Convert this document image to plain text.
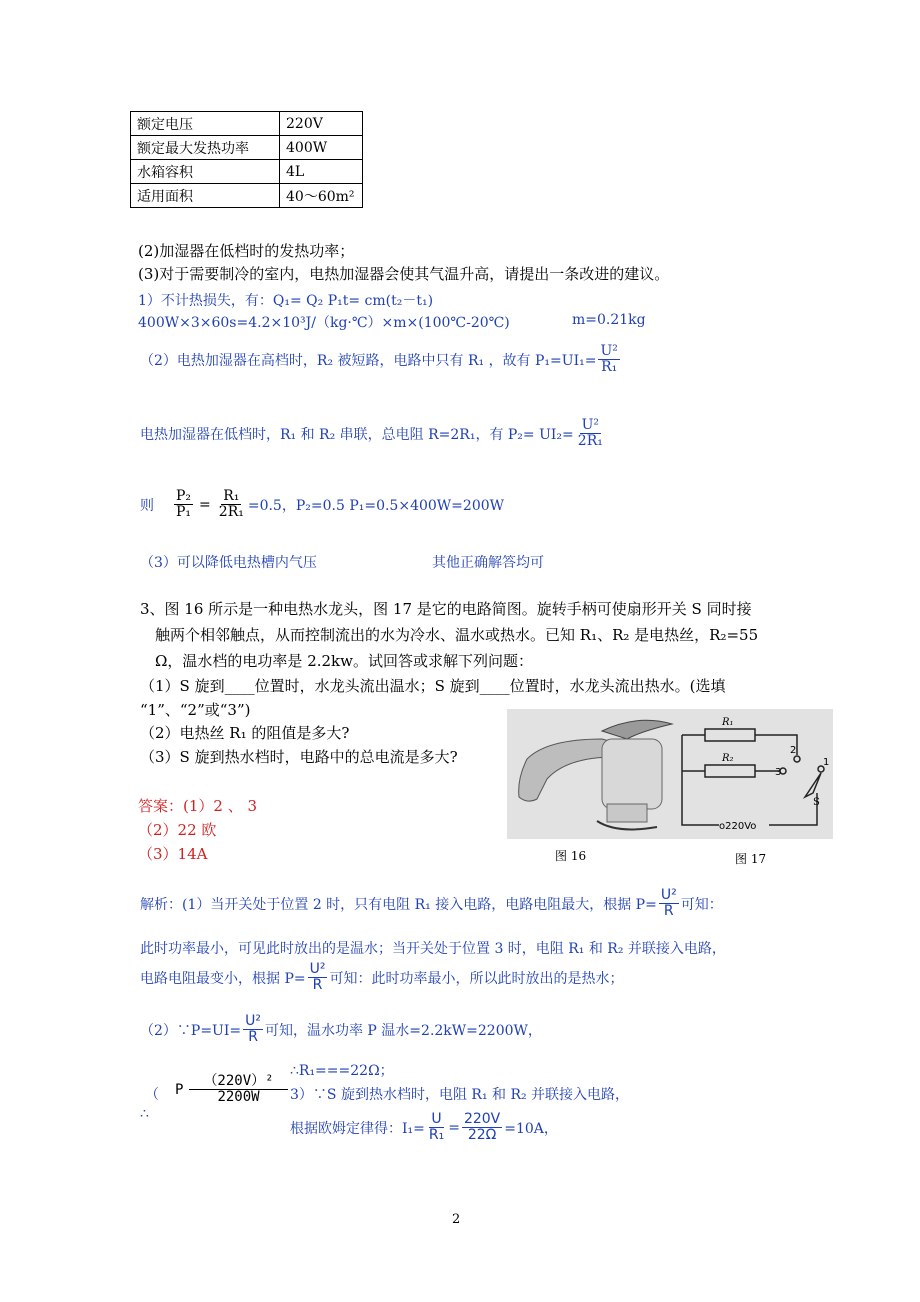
额定电压	220V
额定最大发热功率	400W
水箱容积	4L
适用面积	40～60m²
(2)加湿器在低档时的发热功率；
(3)对于需要制冷的室内，电热加湿器会使其气温升高，请提出一条改进的建议。
1）不计热损失，有：Q₁= Q₂ P₁t= cm(t₂－t₁)
400W×3×60s=4.2×10³J/（kg·℃）×m×(100℃-20℃)	m=0.21kg
（2）电热加湿器在高档时，R₂ 被短路，电路中只有 R₁ ，故有 $P_1=UI_1= \frac{\text{U²}}{\text{R₁}}$
电热加湿器在低档时，R₁ 和 R₂ 串联，总电阻 R=2R₁，有 $P_2= UI_2= \frac{\text{U²}}{\text{2R₁}}$
则 $\frac{\text{P₂}}{\text{P₁}} = \frac{\text{R₁}}{\text{2R₁}} =0.5$，P₂=0.5 P₁=0.5×400W=200W
（3）可以降低电热槽内气压	其他正确解答均可
3、图 16 所示是一种电热水龙头，图 17 是它的电路简图。旋转手柄可使扇形开关 S 同时接
触两个相邻触点，从而控制流出的水为冷水、温水或热水。已知 R₁、R₂ 是电热丝，R₂=55
Ω，温水档的电功率是 2.2kw。试回答或求解下列问题：
（1）S 旋到____位置时，水龙头流出温水；S 旋到____位置时，水龙头流出热水。(选填
“1”、“2”或“3”)
（2）电热丝 R₁ 的阻值是多大?
（3）S 旋到热水档时，电路中的总电流是多大?
答案：(1）2 、 3
（2）22 欧
（3）14A
R₁
R₂
2
3
1
S
o220Vo
图 16	图 17
解析：(1）当开关处于位置 2 时，只有电阻 R₁ 接入电路，电路电阻最大，根据 $P= \frac{\text{U²}}{R}$ 可知：
此时功率最小，可见此时放出的是温水；当开关处于位置 3 时，电阻 R₁ 和 R₂ 并联接入电路，
电路电阻最变小，根据 $P= \frac{\text{U²}}{R}$ 可知：此时功率最小，所以此时放出的是热水；
（2）∵P=UI= $\frac{\text{U²}}{R}$ 可知，温水功率 P 温水=2.2kW=2200W，
∴R₁===22Ω；
（
∴
P $\frac{\text{（220V）²}}{2200W}$ 3）∵S 旋到热水档时，电阻 R₁ 和 R₂ 并联接入电路，
根据欧姆定律得：$I_1= \frac{U}{\text{R₁}} = \frac{220V}{22\Omega} =10A$，
2
